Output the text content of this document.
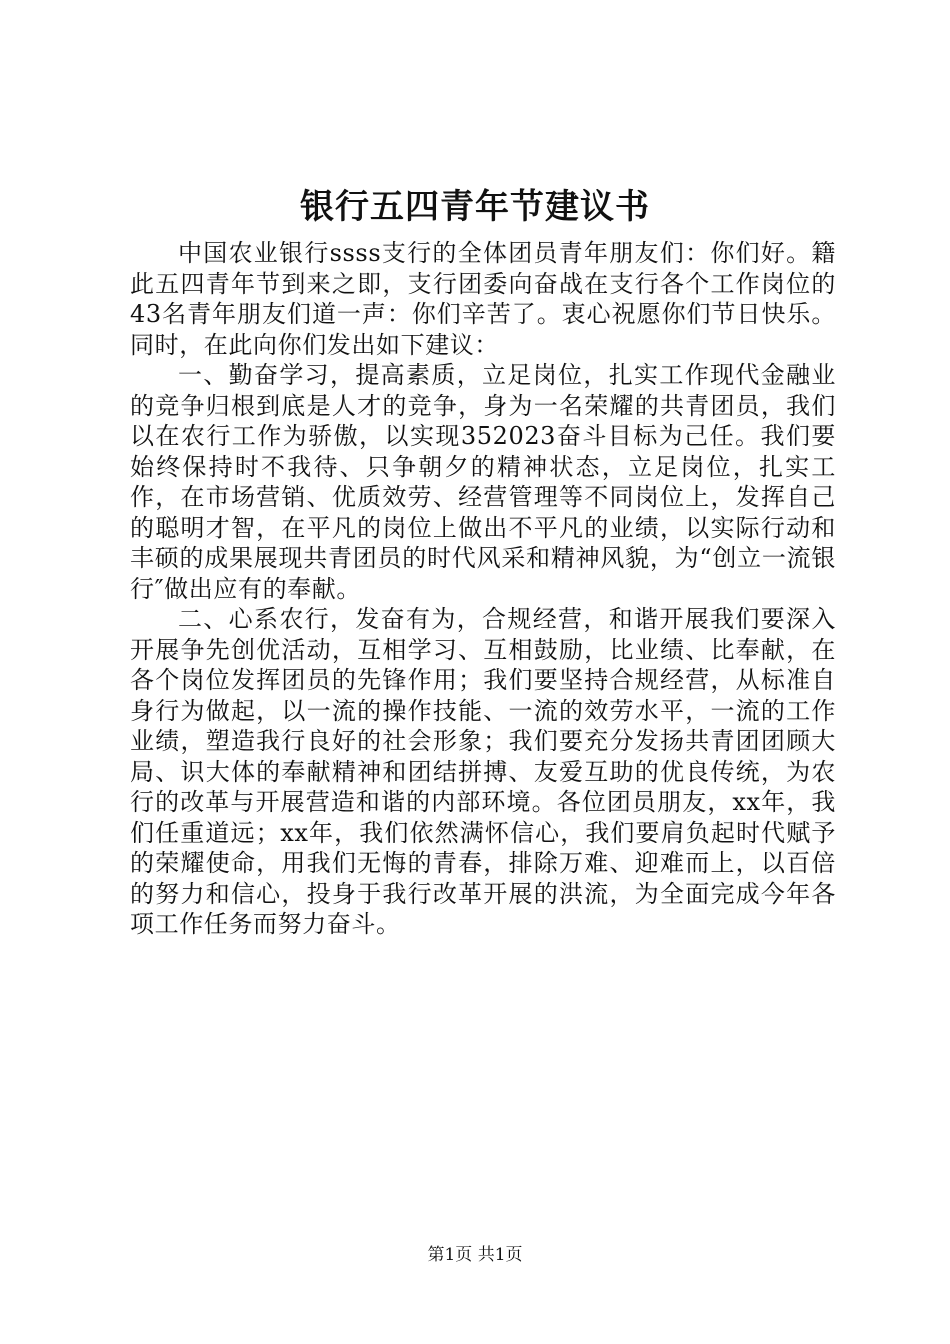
银行五四青年节建议书

中国农业银行ssss支行的全体团员青年朋友们：你们好。籍此五四青年节到来之即，支行团委向奋战在支行各个工作岗位的43名青年朋友们道一声：你们辛苦了。衷心祝愿你们节日快乐。同时，在此向你们发出如下建议：

一、勤奋学习，提高素质，立足岗位，扎实工作现代金融业的竞争归根到底是人才的竞争，身为一名荣耀的共青团员，我们以在农行工作为骄傲，以实现352023奋斗目标为己任。我们要始终保持时不我待、只争朝夕的精神状态，立足岗位，扎实工作，在市场营销、优质效劳、经营管理等不同岗位上，发挥自己的聪明才智，在平凡的岗位上做出不平凡的业绩，以实际行动和丰硕的成果展现共青团员的时代风采和精神风貌，为“创立一流银行″做出应有的奉献。

二、心系农行，发奋有为，合规经营，和谐开展我们要深入开展争先创优活动，互相学习、互相鼓励，比业绩、比奉献，在各个岗位发挥团员的先锋作用；我们要坚持合规经营，从标准自身行为做起，以一流的操作技能、一流的效劳水平，一流的工作业绩，塑造我行良好的社会形象；我们要充分发扬共青团团顾大局、识大体的奉献精神和团结拼搏、友爱互助的优良传统，为农行的改革与开展营造和谐的内部环境。各位团员朋友，xx年，我们任重道远；xx年，我们依然满怀信心，我们要肩负起时代赋予的荣耀使命，用我们无悔的青春，排除万难、迎难而上，以百倍的努力和信心，投身于我行改革开展的洪流，为全面完成今年各项工作任务而努力奋斗。

第1页 共1页
